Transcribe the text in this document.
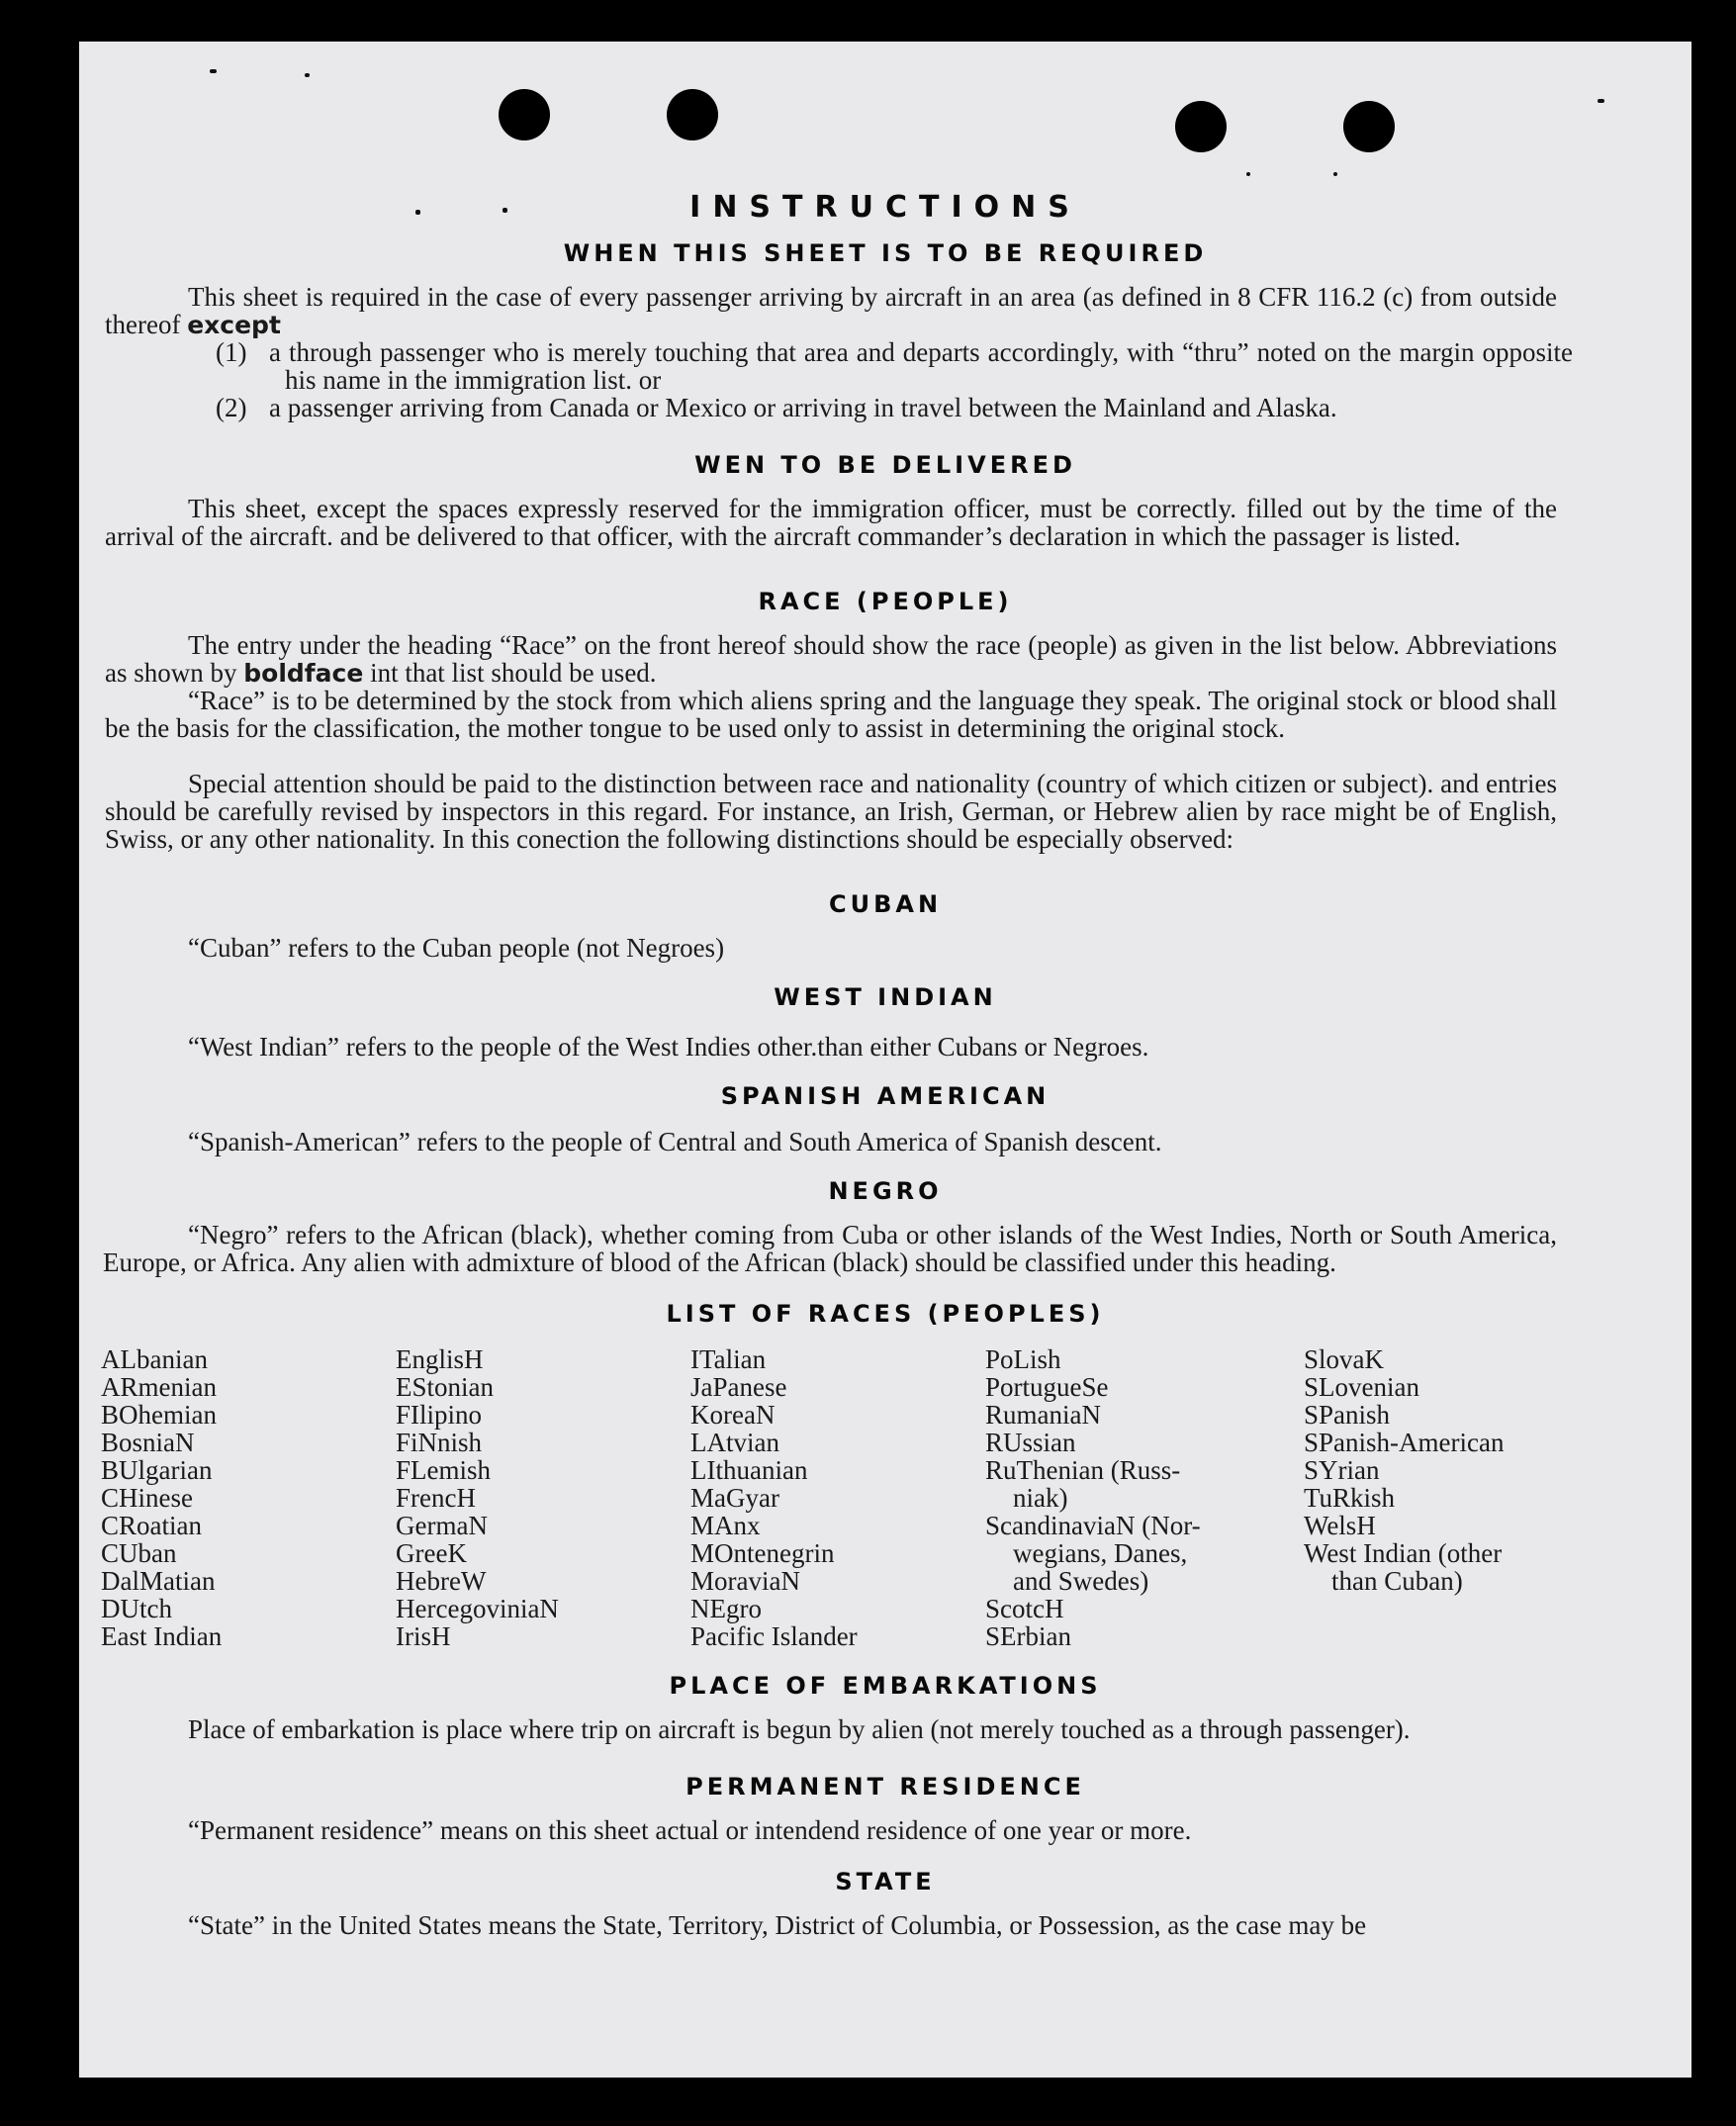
INSTRUCTIONS
WHEN THIS SHEET IS TO BE REQUIRED
This sheet is required in the case of every passenger arriving by aircraft in an area (as defined in 8 CFR 116.2 (c) from outside thereof except
(1) a through passenger who is merely touching that area and departs accordingly, with “thru” noted on the margin opposite his name in the immigration list. or
(2) a passenger arriving from Canada or Mexico or arriving in travel between the Mainland and Alaska.
WEN TO BE DELIVERED
This sheet, except the spaces expressly reserved for the immigration officer, must be correctly. filled out by the time of the arrival of the aircraft. and be delivered to that officer, with the aircraft commander’s declaration in which the passager is listed.
RACE (PEOPLE)
The entry under the heading “Race” on the front hereof should show the race (people) as given in the list below. Abbreviations as shown by boldface int that list should be used.
“Race” is to be determined by the stock from which aliens spring and the language they speak. The original stock or blood shall be the basis for the classification, the mother tongue to be used only to assist in determining the original stock.
Special attention should be paid to the distinction between race and nationality (country of which citizen or subject). and entries should be carefully revised by inspectors in this regard. For instance, an Irish, German, or Hebrew alien by race might be of English, Swiss, or any other nationality. In this conection the following distinctions should be especially observed:
CUBAN
“Cuban” refers to the Cuban people (not Negroes)
WEST INDIAN
“West Indian” refers to the people of the West Indies other.than either Cubans or Negroes.
SPANISH AMERICAN
“Spanish-American” refers to the people of Central and South America of Spanish descent.
NEGRO
“Negro” refers to the African (black), whether coming from Cuba or other islands of the West Indies, North or South America, Europe, or Africa. Any alien with admixture of blood of the African (black) should be classified under this heading.
LIST OF RACES (PEOPLES)
ALbanian
ARmenian
BOhemian
BosniaN
BUlgarian
CHinese
CRoatian
CUban
DalMatian
DUtch
East Indian
EnglisH
EStonian
FIlipino
FiNnish
FLemish
FrencH
GermaN
GreeK
HebreW
HercegoviniaN
IrisH
ITalian
JaPanese
KoreaN
LAtvian
LIthuanian
MaGyar
MAnx
MOntenegrin
MoraviaN
NEgro
Pacific Islander
PoLish
PortugueSe
RumaniaN
RUssian
RuThenian (Russ-
niak)
ScandinaviaN (Nor-
wegians, Danes,
and Swedes)
ScotcH
SErbian
SlovaK
SLovenian
SPanish
SPanish-American
SYrian
TuRkish
WelsH
West Indian (other
than Cuban)
PLACE OF EMBARKATIONS
Place of embarkation is place where trip on aircraft is begun by alien (not merely touched as a through passenger).
PERMANENT RESIDENCE
“Permanent residence” means on this sheet actual or intendend residence of one year or more.
STATE
“State” in the United States means the State, Territory, District of Columbia, or Possession, as the case may be
